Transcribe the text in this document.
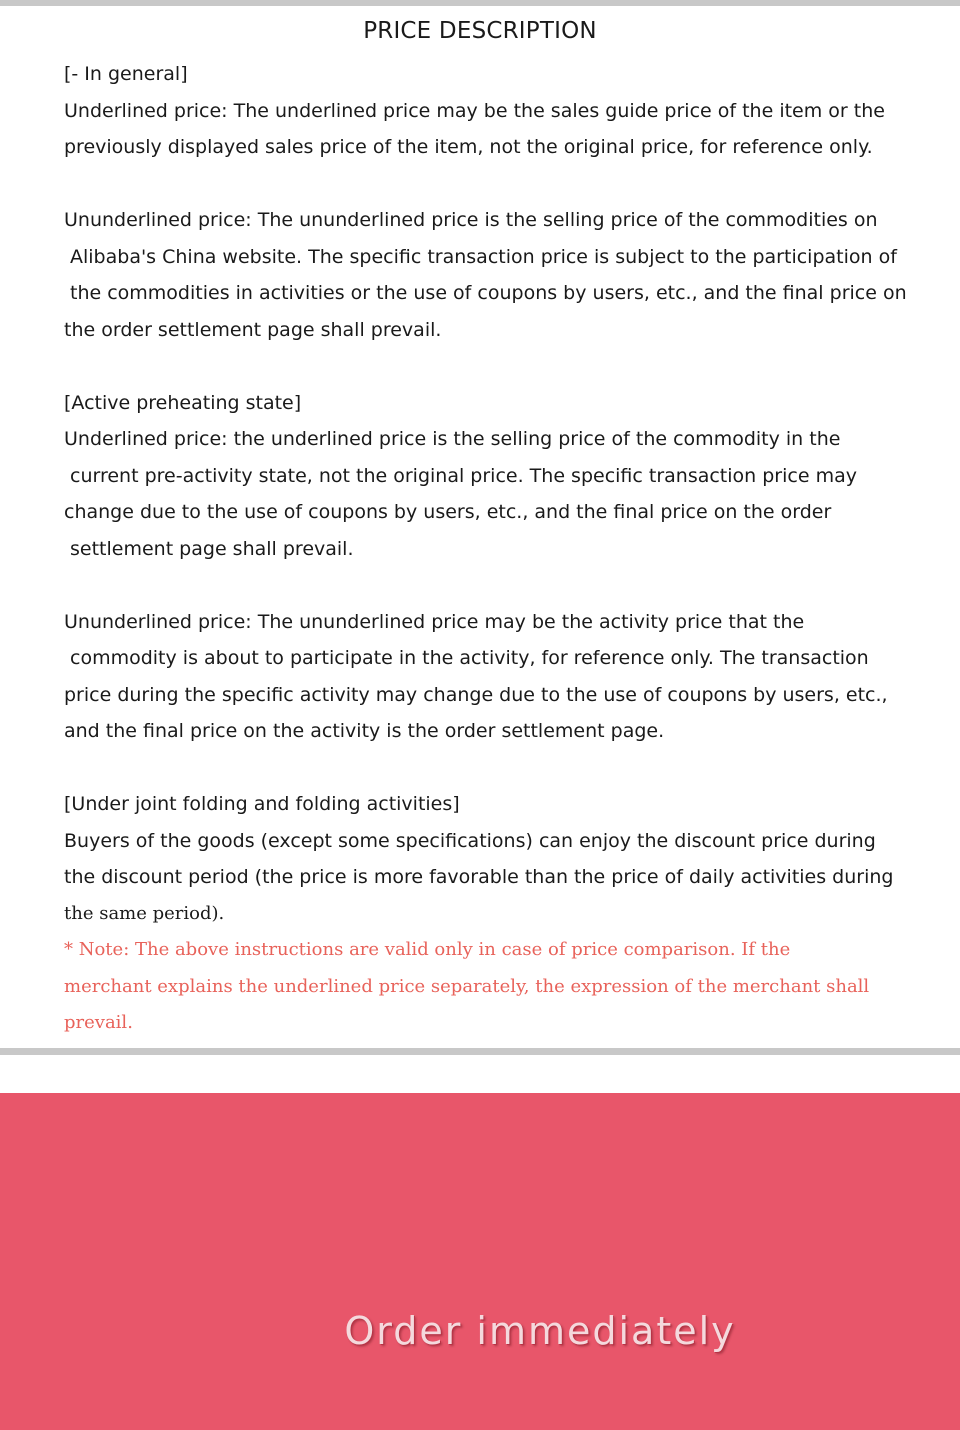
PRICE DESCRIPTION
[- In general]
Underlined price: The underlined price may be the sales guide price of the item or the
previously displayed sales price of the item, not the original price, for reference only.
Ununderlined price: The ununderlined price is the selling price of the commodities on
Alibaba's China website. The specific transaction price is subject to the participation of
the commodities in activities or the use of coupons by users, etc., and the final price on
the order settlement page shall prevail.
[Active preheating state]
Underlined price: the underlined price is the selling price of the commodity in the
current pre-activity state, not the original price. The specific transaction price may
change due to the use of coupons by users, etc., and the final price on the order
settlement page shall prevail.
Ununderlined price: The ununderlined price may be the activity price that the
commodity is about to participate in the activity, for reference only. The transaction
price during the specific activity may change due to the use of coupons by users, etc.,
and the final price on the activity is the order settlement page.
[Under joint folding and folding activities]
Buyers of the goods (except some specifications) can enjoy the discount price during
the discount period (the price is more favorable than the price of daily activities during
the same period).
* Note: The above instructions are valid only in case of price comparison. If the
merchant explains the underlined price separately, the expression of the merchant shall
prevail.
Order immediately
